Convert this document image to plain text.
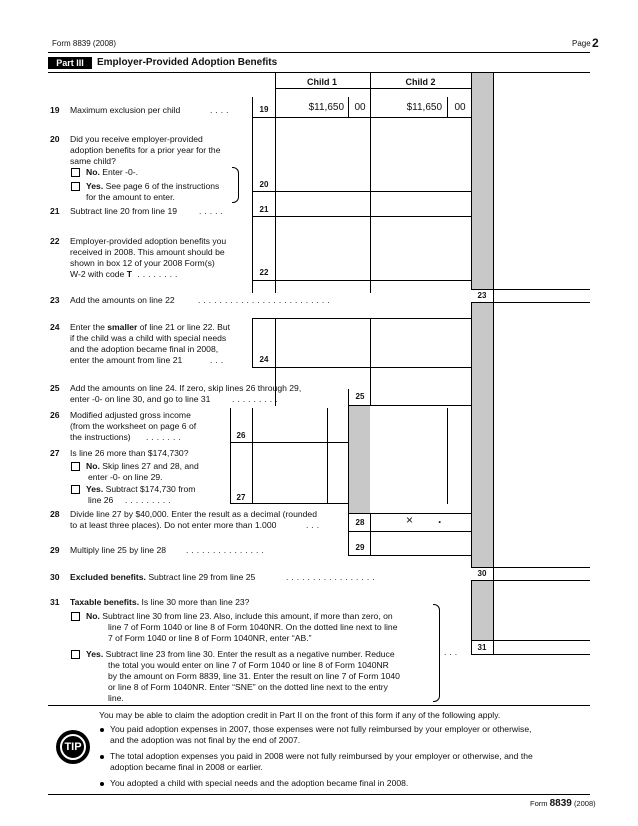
Form 8839 (2008)	Page 2
Part III	Employer-Provided Adoption Benefits
Child 1	Child 2
19 Maximum exclusion per child	....	19	$11,650	00	$11,650	00
20 Did you receive employer-provided
adoption benefits for a prior year for the
same child?
No. Enter -0-.
Yes. See page 6 of the instructions
for the amount to enter.
20
21 Subtract line 20 from line 19	.....	21
22 Employer-provided adoption benefits you
received in 2008. This amount should be
shown in box 12 of your 2008 Form(s)
W-2 with code T ........	22
23 Add the amounts on line 22	.........................	23
24 Enter the smaller of line 21 or line 22. But
if the child was a child with special needs
and the adoption became final in 2008,
enter the amount from line 21	...	24
25 Add the amounts on line 24. If zero, skip lines 26 through 29,
enter -0- on line 30, and go to line 31	.........	25
26 Modified adjusted gross income
(from the worksheet on page 6 of
the instructions) .......	26
27 Is line 26 more than $174,730?
No. Skip lines 27 and 28, and
enter -0- on line 29.
Yes. Subtract $174,730 from
line 26 .........	27
28 Divide line 27 by $40,000. Enter the result as a decimal (rounded
to at least three places). Do not enter more than 1.000	...	28	× .
29 Multiply line 25 by line 28 ...............	29
30 Excluded benefits. Subtract line 29 from line 25	.................	30
31 Taxable benefits. Is line 30 more than line 23?
No. Subtract line 30 from line 23. Also, include this amount, if more than zero, on
line 7 of Form 1040 or line 8 of Form 1040NR. On the dotted line next to line
7 of Form 1040 or line 8 of Form 1040NR, enter “AB.”
Yes. Subtract line 23 from line 30. Enter the result as a negative number. Reduce
the total you would enter on line 7 of Form 1040 or line 8 of Form 1040NR
by the amount on Form 8839, line 31. Enter the result on line 7 of Form 1040
or line 8 of Form 1040NR. Enter “SNE” on the dotted line next to the entry
line.
...	31
TIP
You may be able to claim the adoption credit in Part II on the front of this form if any of the following apply.
You paid adoption expenses in 2007, those expenses were not fully reimbursed by your employer or otherwise,
and the adoption was not final by the end of 2007.
The total adoption expenses you paid in 2008 were not fully reimbursed by your employer or otherwise, and the
adoption became final in 2008 or earlier.
You adopted a child with special needs and the adoption became final in 2008.
Form 8839 (2008)
